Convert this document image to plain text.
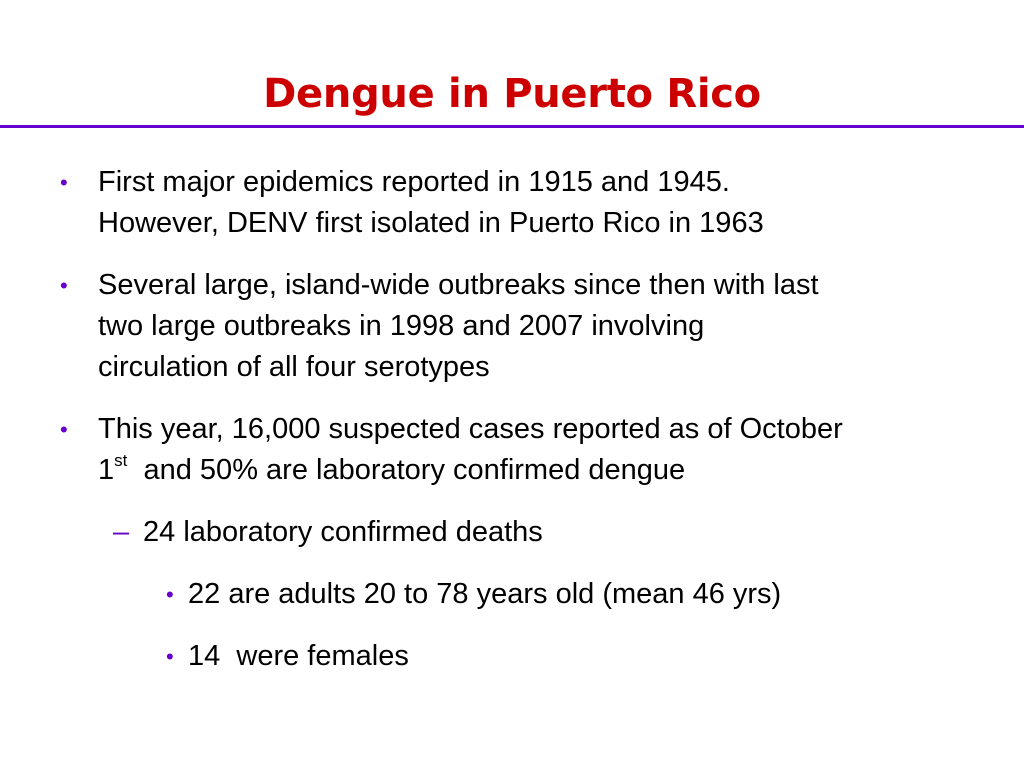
Dengue in Puerto Rico
• First major epidemics reported in 1915 and 1945.
However, DENV first isolated in Puerto Rico in 1963
• Several large, island-wide outbreaks since then with last
two large outbreaks in 1998 and 2007 involving
circulation of all four serotypes
• This year, 16,000 suspected cases reported as of October
1st  and 50% are laboratory confirmed dengue
– 24 laboratory confirmed deaths
• 22 are adults 20 to 78 years old (mean 46 yrs)
• 14  were females
